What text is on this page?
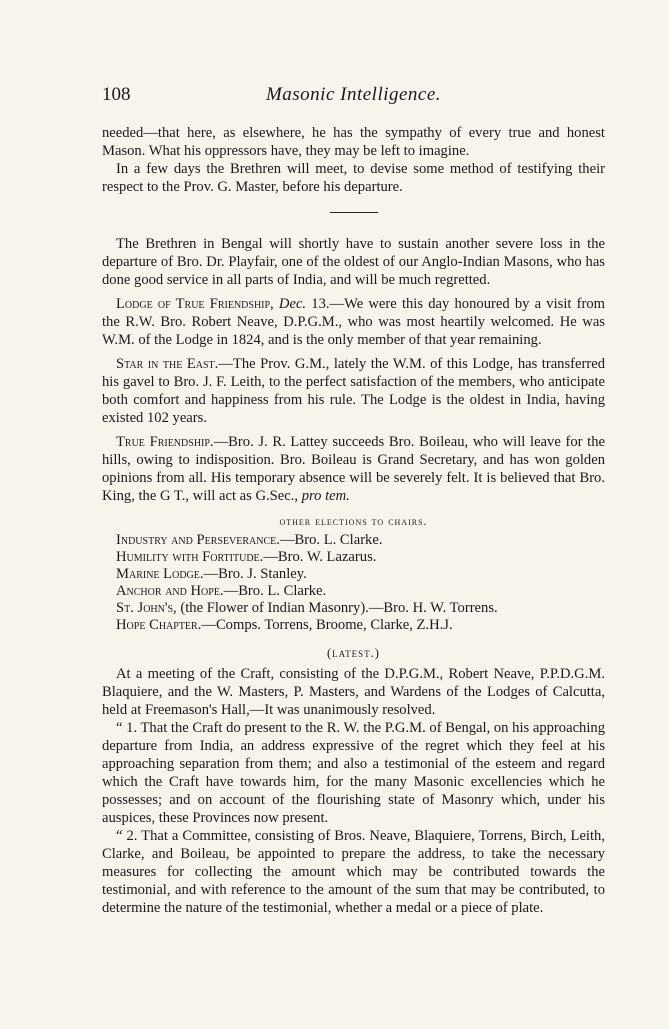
108	Masonic Intelligence.

needed—that here, as elsewhere, he has the sympathy of every true and honest Mason. What his oppressors have, they may be left to imagine.

In a few days the Brethren will meet, to devise some method of testifying their respect to the Prov. G. Master, before his departure.

The Brethren in Bengal will shortly have to sustain another severe loss in the departure of Bro. Dr. Playfair, one of the oldest of our Anglo-Indian Masons, who has done good service in all parts of India, and will be much regretted.

Lodge of True Friendship, Dec. 13.—We were this day honoured by a visit from the R.W. Bro. Robert Neave, D.P.G.M., who was most heartily welcomed. He was W.M. of the Lodge in 1824, and is the only member of that year remaining.

Star in the East.—The Prov. G.M., lately the W.M. of this Lodge, has transferred his gavel to Bro. J. F. Leith, to the perfect satisfaction of the members, who anticipate both comfort and happiness from his rule. The Lodge is the oldest in India, having existed 102 years.

True Friendship.—Bro. J. R. Lattey succeeds Bro. Boileau, who will leave for the hills, owing to indisposition. Bro. Boileau is Grand Secretary, and has won golden opinions from all. His temporary absence will be severely felt. It is believed that Bro. King, the G T., will act as G.Sec., pro tem.

other elections to chairs.
Industry and Perseverance.—Bro. L. Clarke.
Humility with Fortitude.—Bro. W. Lazarus.
Marine Lodge.—Bro. J. Stanley.
Anchor and Hope.—Bro. L. Clarke.
St. John's, (the Flower of Indian Masonry).—Bro. H. W. Torrens.
Hope Chapter.—Comps. Torrens, Broome, Clarke, Z.H.J.
(latest.)

At a meeting of the Craft, consisting of the D.P.G.M., Robert Neave, P.P.D.G.M. Blaquiere, and the W. Masters, P. Masters, and Wardens of the Lodges of Calcutta, held at Freemason's Hall,—It was unanimously resolved.

“ 1. That the Craft do present to the R. W. the P.G.M. of Bengal, on his approaching departure from India, an address expressive of the regret which they feel at his approaching separation from them; and also a testimonial of the esteem and regard which the Craft have towards him, for the many Masonic excellencies which he possesses; and on account of the flourishing state of Masonry which, under his auspices, these Provinces now present.

“ 2. That a Committee, consisting of Bros. Neave, Blaquiere, Torrens, Birch, Leith, Clarke, and Boileau, be appointed to prepare the address, to take the necessary measures for collecting the amount which may be contributed towards the testimonial, and with reference to the amount of the sum that may be contributed, to determine the nature of the testimonial, whether a medal or a piece of plate.
